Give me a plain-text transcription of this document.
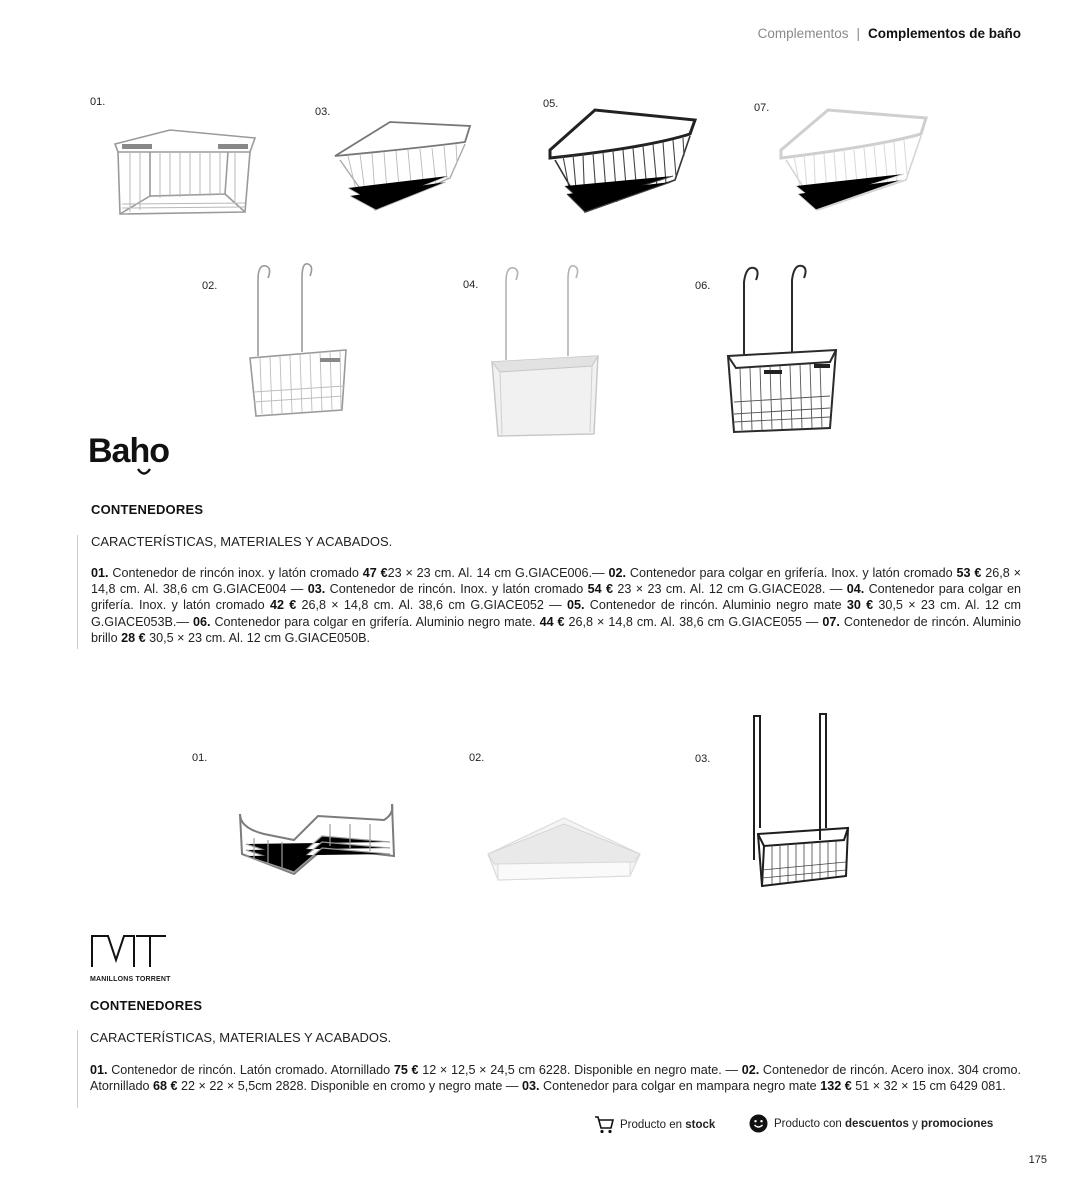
Complementos | Complementos de baño
01.
03.
05.	07.
02.	04.	06.
Baho
CONTENEDORES
CARACTERÍSTICAS, MATERIALES Y ACABADOS.
01. Contenedor de rincón inox. y latón cromado 47 €23 × 23 cm. Al. 14 cm G.GIACE006.— 02. Contenedor para colgar en grifería. Inox. y latón cromado 53 € 26,8 × 14,8 cm. Al. 38,6 cm G.GIACE004 — 03. Contenedor de rincón. Inox. y latón cromado 54 € 23 × 23 cm. Al. 12 cm G.GIACE028. — 04. Contenedor para colgar en grifería. Inox. y latón cromado 42 € 26,8 × 14,8 cm. Al. 38,6 cm G.GIACE052 — 05. Contenedor de rincón. Aluminio negro mate 30 € 30,5 × 23 cm. Al. 12 cm G.GIACE053B.— 06. Contenedor para colgar en grifería. Aluminio negro mate. 44 € 26,8 × 14,8 cm. Al. 38,6 cm G.GIACE055 — 07. Contenedor de rincón. Aluminio brillo 28 € 30,5 × 23 cm. Al. 12 cm G.GIACE050B.
01.	02.	03.
MANILLONS TORRENT
CONTENEDORES
CARACTERÍSTICAS, MATERIALES Y ACABADOS.
01. Contenedor de rincón. Latón cromado. Atornillado 75 € 12 × 12,5 × 24,5 cm 6228. Disponible en negro mate. — 02. Contenedor de rincón. Acero inox. 304 cromo. Atornillado 68 € 22 × 22 × 5,5cm 2828. Disponible en cromo y negro mate — 03. Contenedor para colgar en mampara negro mate 132 € 51 × 32 × 15 cm 6429 081.
Producto en stock	Producto con descuentos y promociones
175
